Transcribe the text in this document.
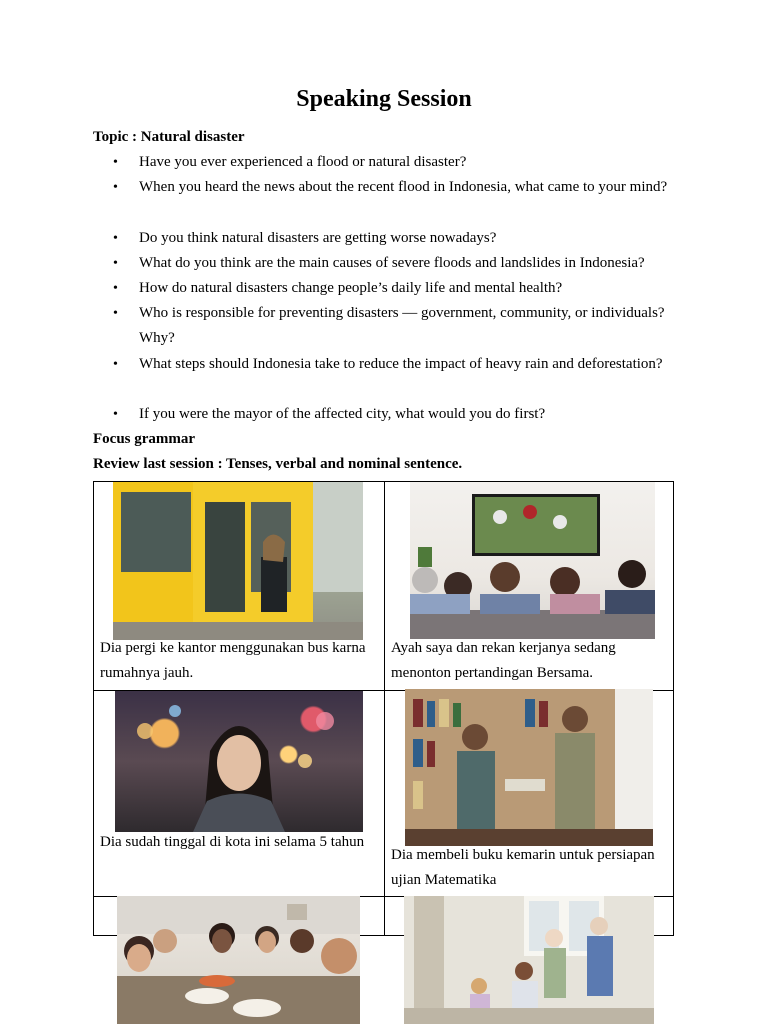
Speaking Session
Topic : Natural disaster
• Have you ever experienced a flood or natural disaster?
• When you heard the news about the recent flood in Indonesia, what came to your mind?
• Do you think natural disasters are getting worse nowadays?
• What do you think are the main causes of severe floods and landslides in Indonesia?
• How do natural disasters change people’s daily life and mental health?
• Who is responsible for preventing disasters — government, community, or individuals? Why?
• What steps should Indonesia take to reduce the impact of heavy rain and deforestation?
• If you were the mayor of the affected city, what would you do first?
Focus grammar
Review last session : Tenses, verbal and nominal sentence.
Dia pergi ke kantor menggunakan bus karna rumahnya jauh.
Ayah saya dan rekan kerjanya sedang menonton pertandingan Bersama.
Dia sudah tinggal di kota ini selama 5 tahun
Dia membeli buku kemarin untuk persiapan ujian Matematika
